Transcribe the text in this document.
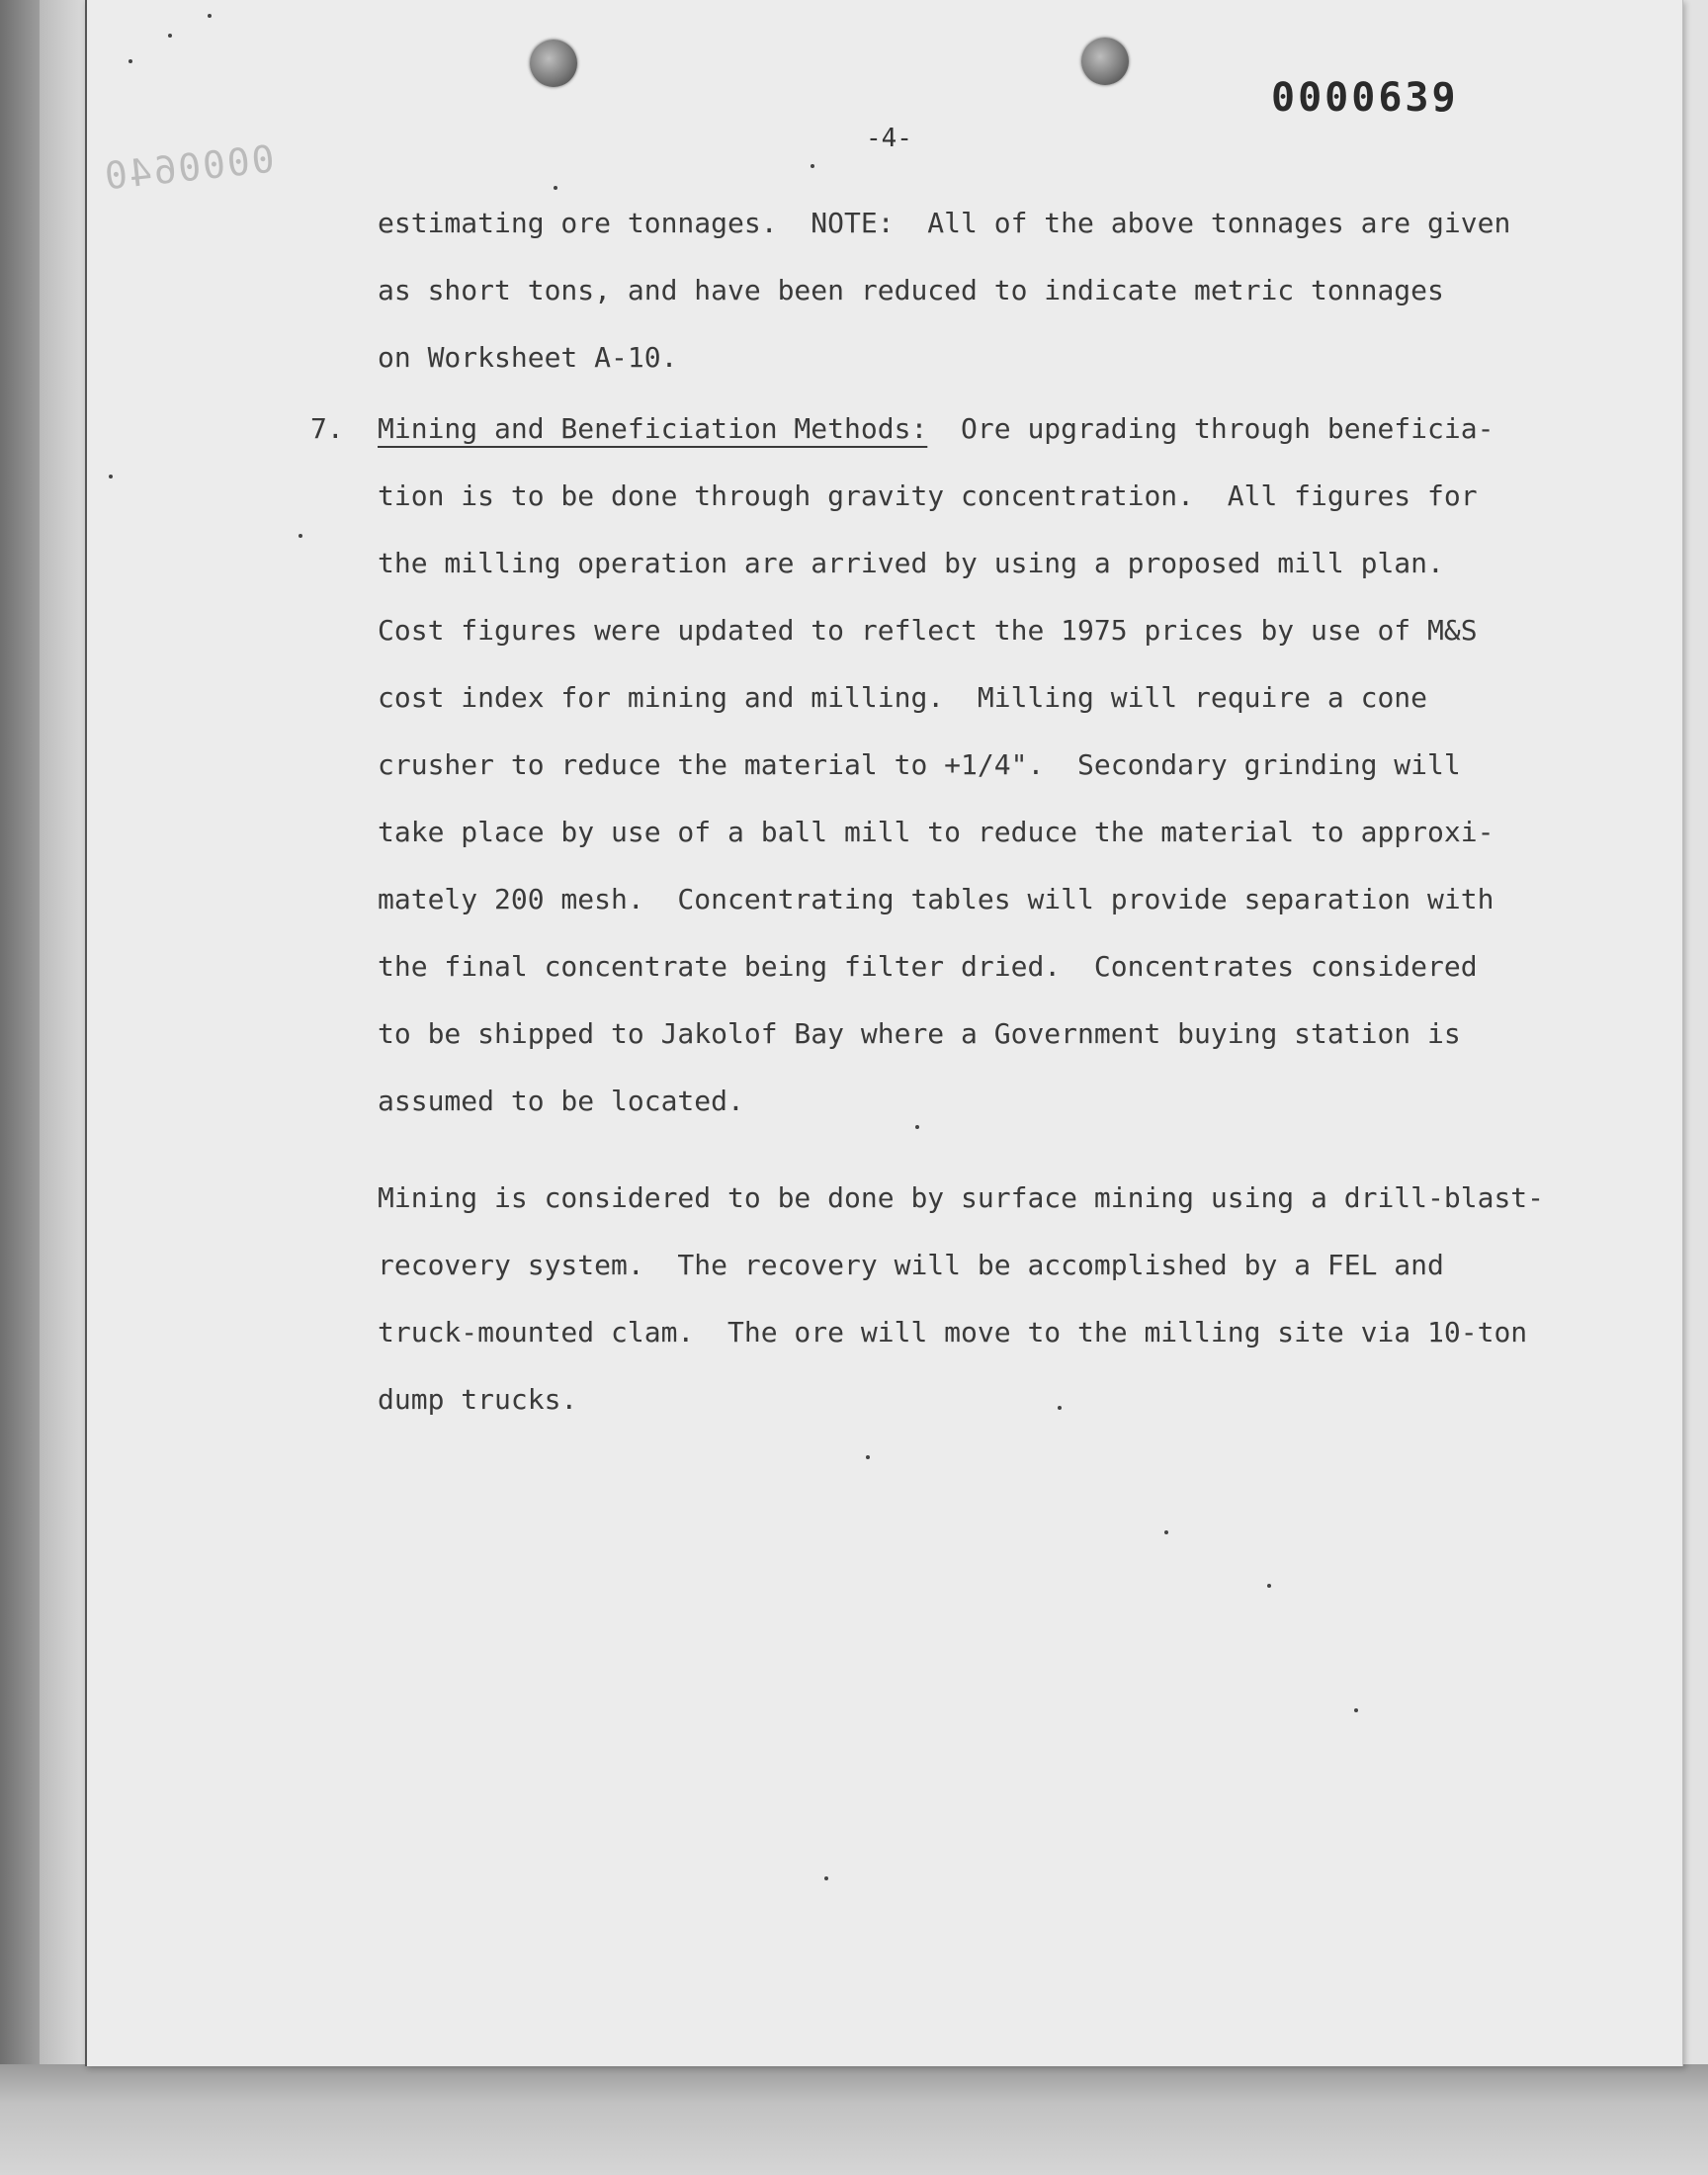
0000640
0000639
-4-
estimating ore tonnages.  NOTE:  All of the above tonnages are given
as short tons, and have been reduced to indicate metric tonnages
on Worksheet A-10.
7. Mining and Beneficiation Methods:  Ore upgrading through beneficia-
tion is to be done through gravity concentration.  All figures for
the milling operation are arrived by using a proposed mill plan.
Cost figures were updated to reflect the 1975 prices by use of M&S
cost index for mining and milling.  Milling will require a cone
crusher to reduce the material to +1/4".  Secondary grinding will
take place by use of a ball mill to reduce the material to approxi-
mately 200 mesh.  Concentrating tables will provide separation with
the final concentrate being filter dried.  Concentrates considered
to be shipped to Jakolof Bay where a Government buying station is
assumed to be located.
Mining is considered to be done by surface mining using a drill-blast-
recovery system.  The recovery will be accomplished by a FEL and
truck-mounted clam.  The ore will move to the milling site via 10-ton
dump trucks.
